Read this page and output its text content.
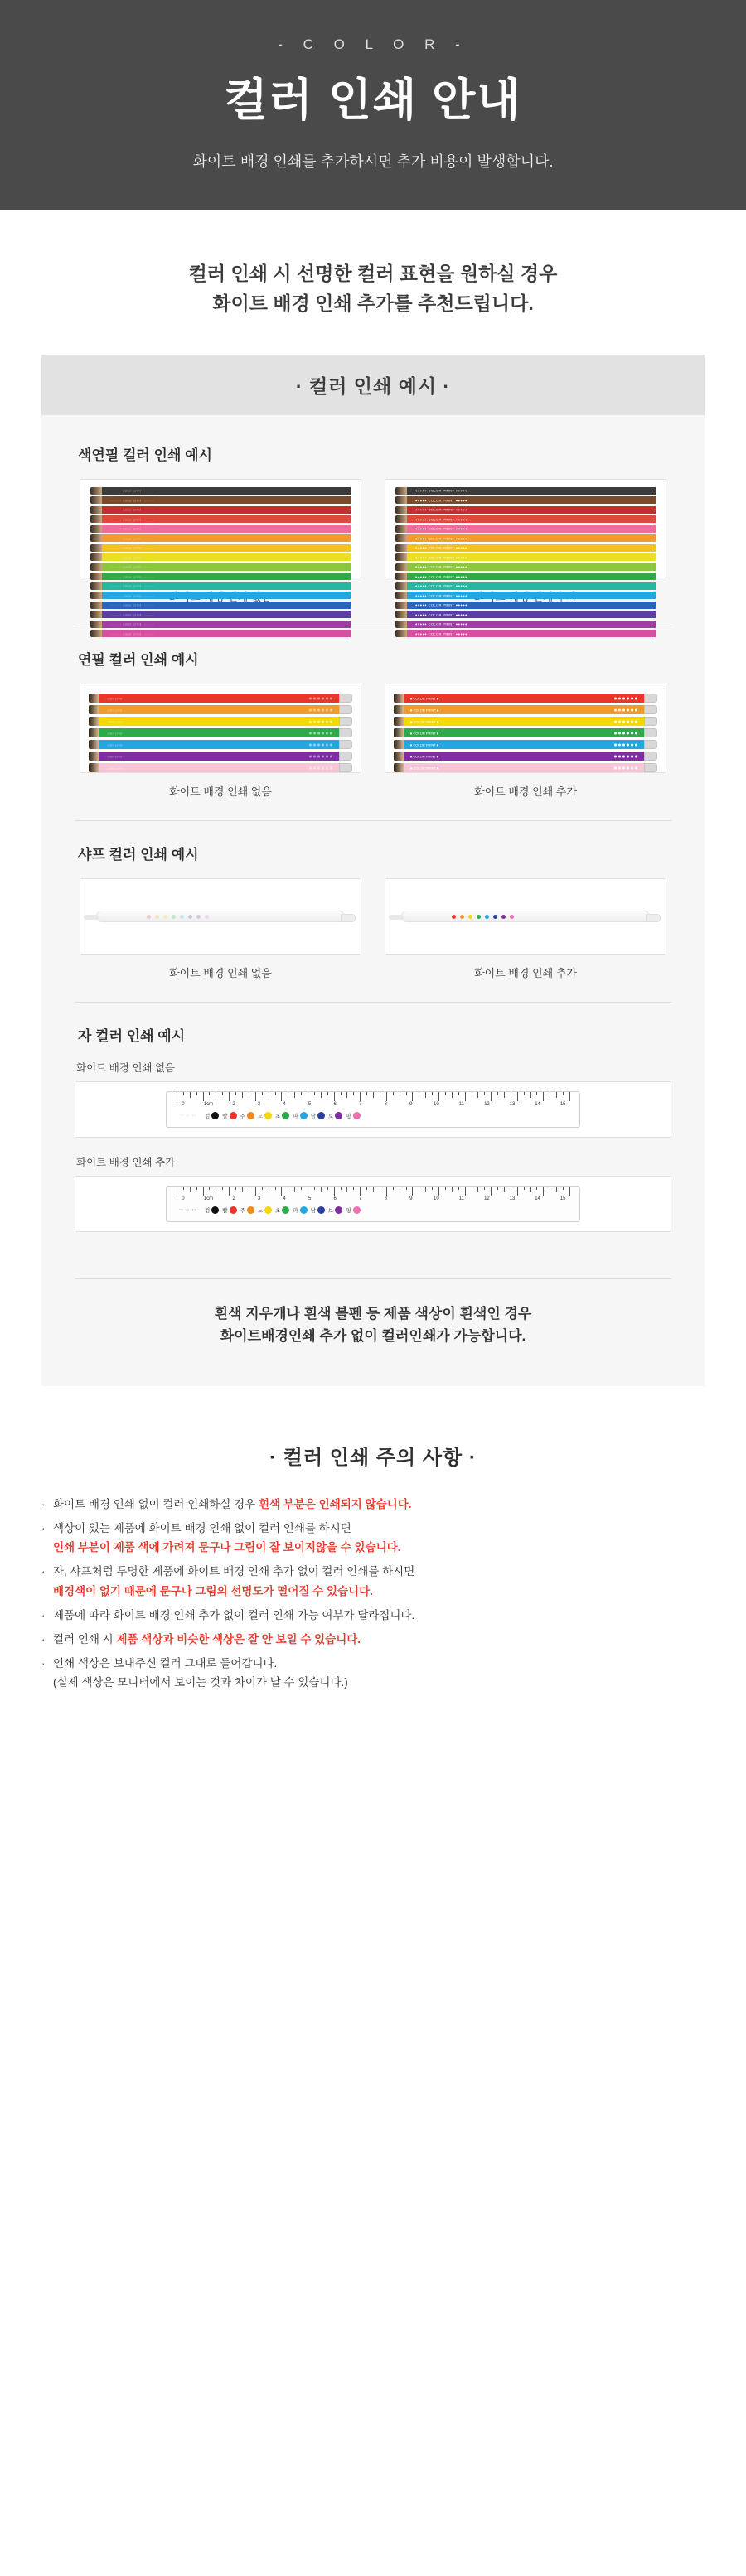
- C O L O R -
컬러 인쇄 안내
화이트 배경 인쇄를 추가하시면 추가 비용이 발생합니다.
컬러 인쇄 시 선명한 컬러 표현을 원하실 경우
화이트 배경 인쇄 추가를 추천드립니다.
· 컬러 인쇄 예시 ·
색연필 컬러 인쇄 예시
········ color print ········
········ color print ········
········ color print ········
········ color print ········
········ color print ········
········ color print ········
········ color print ········
········ color print ········
········ color print ········
········ color print ········
········ color print ········
········ color print ········
········ color print ········
········ color print ········
········ color print ········
········ color print ········
●●●●● COLOR PRINT ●●●●●
●●●●● COLOR PRINT ●●●●●
●●●●● COLOR PRINT ●●●●●
●●●●● COLOR PRINT ●●●●●
●●●●● COLOR PRINT ●●●●●
●●●●● COLOR PRINT ●●●●●
●●●●● COLOR PRINT ●●●●●
●●●●● COLOR PRINT ●●●●●
●●●●● COLOR PRINT ●●●●●
●●●●● COLOR PRINT ●●●●●
●●●●● COLOR PRINT ●●●●●
●●●●● COLOR PRINT ●●●●●
●●●●● COLOR PRINT ●●●●●
●●●●● COLOR PRINT ●●●●●
●●●●● COLOR PRINT ●●●●●
●●●●● COLOR PRINT ●●●●●
연필 컬러 인쇄 예시
· color print ·
· color print ·
· color print ·
· color print ·
· color print ·
· color print ·
· color print ·
화이트 배경 인쇄 없음
■ COLOR PRINT ■
■ COLOR PRINT ■
■ COLOR PRINT ■
■ COLOR PRINT ■
■ COLOR PRINT ■
■ COLOR PRINT ■
■ COLOR PRINT ■
화이트 배경 인쇄 추가
샤프 컬러 인쇄 예시
화이트 배경 인쇄 없음	화이트 배경 인쇄 추가
자 컬러 인쇄 예시
화이트 배경 인쇄 없음
0	1cm	2	3	4	5	6	7	8	9	10	11	12	13	14	15
ᄀᄋᄆ 검 빨 주 노 초 파 남 보 핑
화이트 배경 인쇄 추가
0	1cm	2	3	4	5	6	7	8	9	10	11	12	13	14	15
ᄀᄋᄆ 검 빨 주 노 초 파 남 보 핑
흰색 지우개나 흰색 볼펜 등 제품 색상이 흰색인 경우
화이트배경인쇄 추가 없이 컬러인쇄가 가능합니다.
· 컬러 인쇄 주의 사항 ·
· 화이트 배경 인쇄 없이 컬러 인쇄하실 경우 흰색 부분은 인쇄되지 않습니다.
· 색상이 있는 제품에 화이트 배경 인쇄 없이 컬러 인쇄를 하시면
인쇄 부분이 제품 색에 가려져 문구나 그림이 잘 보이지않을 수 있습니다.
· 자, 샤프처럼 투명한 제품에 화이트 배경 인쇄 추가 없이 컬러 인쇄를 하시면
배경색이 없기 때문에 문구나 그림의 선명도가 떨어질 수 있습니다.
· 제품에 따라 화이트 배경 인쇄 추가 없이 컬러 인쇄 가능 여부가 달라집니다.
· 컬러 인쇄 시 제품 색상과 비슷한 색상은 잘 안 보일 수 있습니다.
· 인쇄 색상은 보내주신 컬러 그대로 들어갑니다.
(실제 색상은 모니터에서 보이는 것과 차이가 날 수 있습니다.)
